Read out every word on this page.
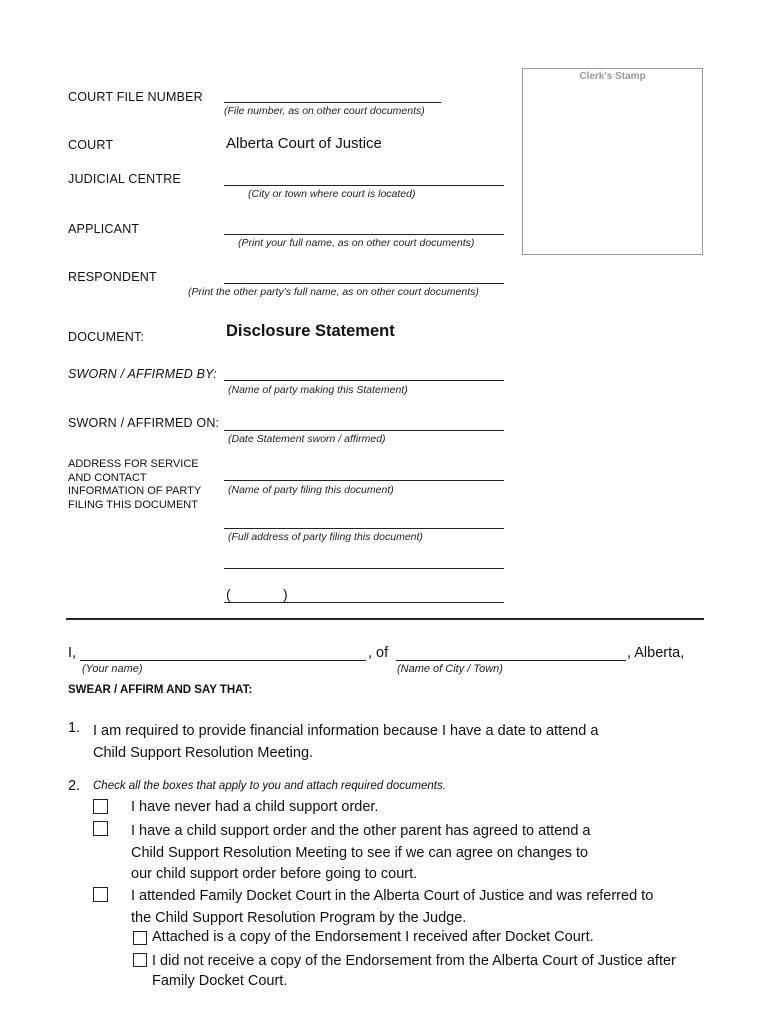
Clerk's Stamp
COURT FILE NUMBER
(File number, as on other court documents)
COURT	Alberta Court of Justice
JUDICIAL CENTRE
(City or town where court is located)
APPLICANT
(Print your full name, as on other court documents)
RESPONDENT
(Print the other party's full name, as on other court documents)
DOCUMENT:	Disclosure Statement
SWORN / AFFIRMED BY:
(Name of party making this Statement)
SWORN / AFFIRMED ON:
(Date Statement sworn / affirmed)
ADDRESS FOR SERVICE
AND CONTACT
INFORMATION OF PARTY
FILING THIS DOCUMENT
(Name of party filing this document)
(Full address of party filing this document)
(	)
I,	, of	, Alberta,
(Your name)	(Name of City / Town)
SWEAR / AFFIRM AND SAY THAT:
1. I am required to provide financial information because I have a date to attend a
Child Support Resolution Meeting.
2. Check all the boxes that apply to you and attach required documents.
I have never had a child support order.
I have a child support order and the other parent has agreed to attend a
Child Support Resolution Meeting to see if we can agree on changes to
our child support order before going to court.
I attended Family Docket Court in the Alberta Court of Justice and was referred to
the Child Support Resolution Program by the Judge.
Attached is a copy of the Endorsement I received after Docket Court.
I did not receive a copy of the Endorsement from the Alberta Court of Justice after
Family Docket Court.
